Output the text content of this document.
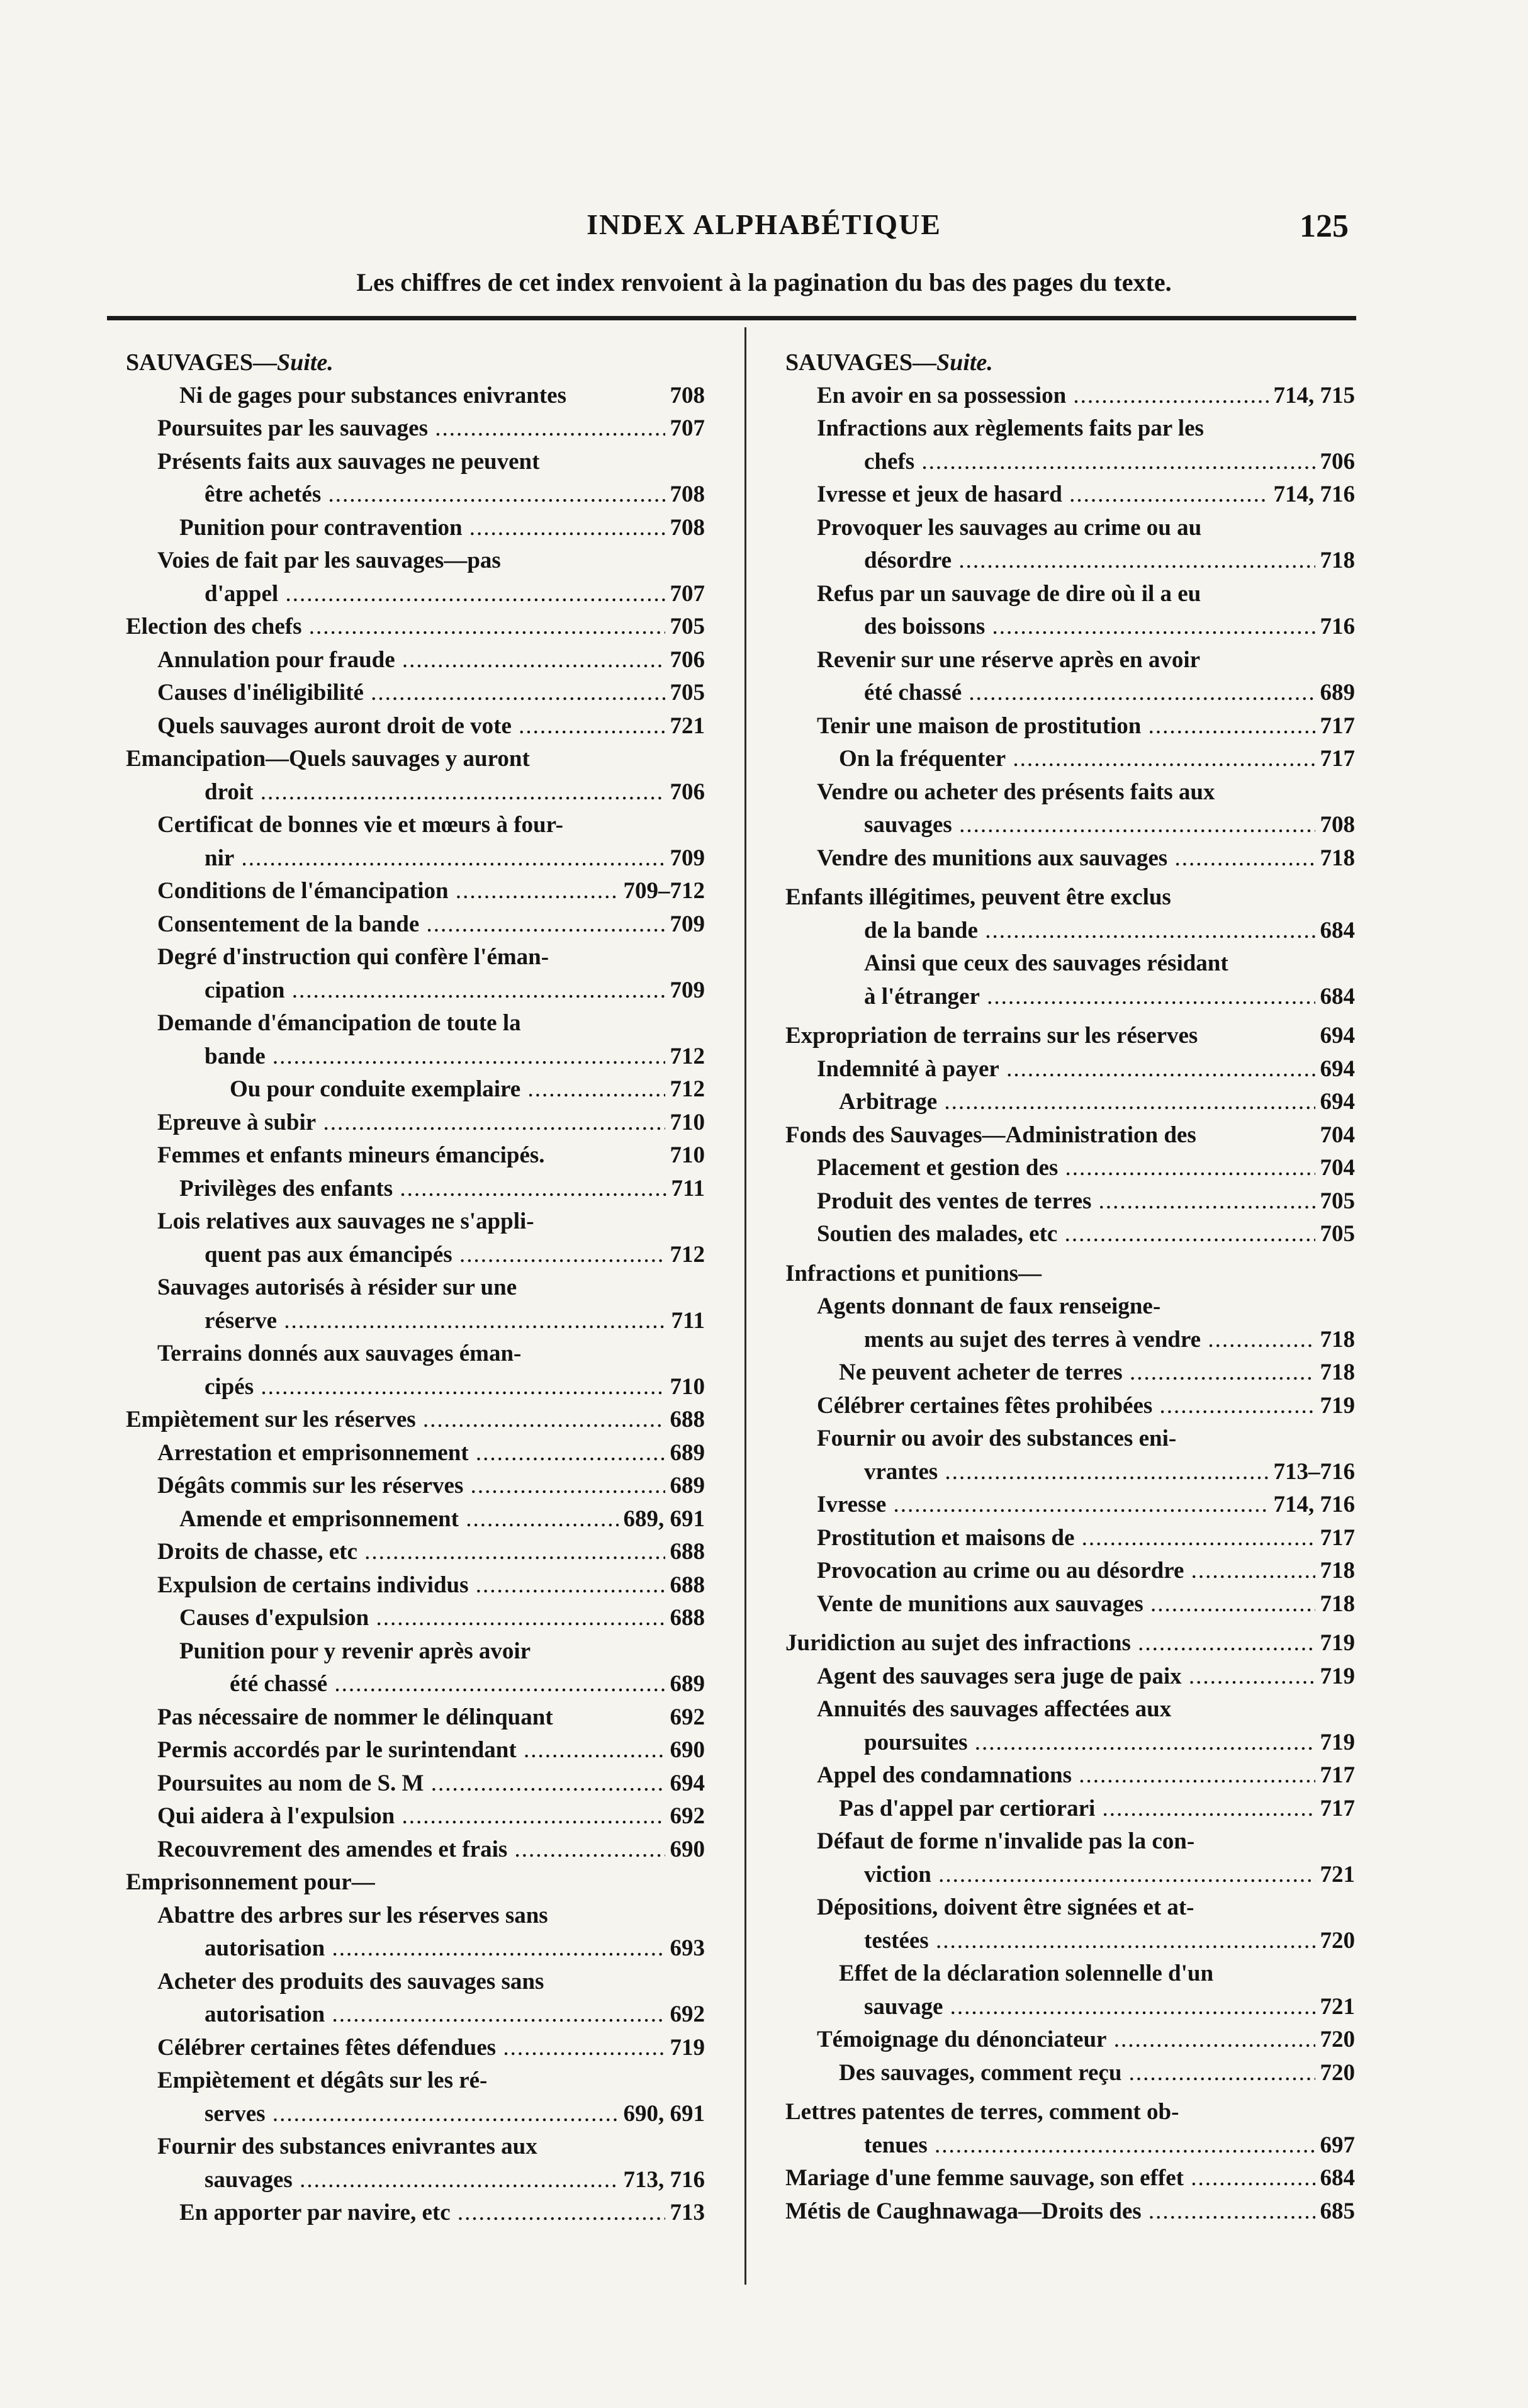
INDEX ALPHABÉTIQUE	125
Les chiffres de cet index renvoient à la pagination du bas des pages du texte.
SAUVAGES—Suite.
Ni de gages pour substances enivrantes	708
Poursuites par les sauvages .....	707
Présents faits aux sauvages ne peuvent
être achetés .....	708
Punition pour contravention .....	708
Voies de fait par les sauvages—pas
d'appel .....	707
Election des chefs .....	705
Annulation pour fraude .....	706
Causes d'inéligibilité .....	705
Quels sauvages auront droit de vote .....	721
Emancipation—Quels sauvages y auront
droit .....	706
Certificat de bonnes vie et mœurs à four-
nir .....	709
Conditions de l'émancipation .....	709–712
Consentement de la bande .....	709
Degré d'instruction qui confère l'éman-
cipation .....	709
Demande d'émancipation de toute la
bande .....	712
Ou pour conduite exemplaire .....	712
Epreuve à subir .....	710
Femmes et enfants mineurs émancipés.	710
Privilèges des enfants .....	711
Lois relatives aux sauvages ne s'appli-
quent pas aux émancipés .....	712
Sauvages autorisés à résider sur une
réserve .....	711
Terrains donnés aux sauvages éman-
cipés .....	710
Empiètement sur les réserves .....	688
Arrestation et emprisonnement .....	689
Dégâts commis sur les réserves .....	689
Amende et emprisonnement .....	689, 691
Droits de chasse, etc .....	688
Expulsion de certains individus .....	688
Causes d'expulsion .....	688
Punition pour y revenir après avoir
été chassé .....	689
Pas nécessaire de nommer le délinquant	692
Permis accordés par le surintendant .....	690
Poursuites au nom de S. M .....	694
Qui aidera à l'expulsion .....	692
Recouvrement des amendes et frais .....	690
Emprisonnement pour—
Abattre des arbres sur les réserves sans
autorisation .....	693
Acheter des produits des sauvages sans
autorisation .....	692
Célébrer certaines fêtes défendues .....	719
Empiètement et dégâts sur les ré-
serves .....	690, 691
Fournir des substances enivrantes aux
sauvages .....	713, 716
En apporter par navire, etc .....	713
SAUVAGES—Suite.
En avoir en sa possession .....	714, 715
Infractions aux règlements faits par les
chefs .....	706
Ivresse et jeux de hasard .....	714, 716
Provoquer les sauvages au crime ou au
désordre .....	718
Refus par un sauvage de dire où il a eu
des boissons .....	716
Revenir sur une réserve après en avoir
été chassé .....	689
Tenir une maison de prostitution .....	717
On la fréquenter .....	717
Vendre ou acheter des présents faits aux
sauvages .....	708
Vendre des munitions aux sauvages .....	718
Enfants illégitimes, peuvent être exclus
de la bande .....	684
Ainsi que ceux des sauvages résidant
à l'étranger .....	684
Expropriation de terrains sur les réserves	694
Indemnité à payer .....	694
Arbitrage .....	694
Fonds des Sauvages—Administration des	704
Placement et gestion des .....	704
Produit des ventes de terres .....	705
Soutien des malades, etc .....	705
Infractions et punitions—
Agents donnant de faux renseigne-
ments au sujet des terres à vendre .....	718
Ne peuvent acheter de terres .....	718
Célébrer certaines fêtes prohibées .....	719
Fournir ou avoir des substances eni-
vrantes .....	713–716
Ivresse .....	714, 716
Prostitution et maisons de .....	717
Provocation au crime ou au désordre .....	718
Vente de munitions aux sauvages .....	718
Juridiction au sujet des infractions .....	719
Agent des sauvages sera juge de paix .....	719
Annuités des sauvages affectées aux
poursuites .....	719
Appel des condamnations .....	717
Pas d'appel par certiorari .....	717
Défaut de forme n'invalide pas la con-
viction .....	721
Dépositions, doivent être signées et at-
testées .....	720
Effet de la déclaration solennelle d'un
sauvage .....	721
Témoignage du dénonciateur .....	720
Des sauvages, comment reçu .....	720
Lettres patentes de terres, comment ob-
tenues .....	697
Mariage d'une femme sauvage, son effet .....	684
Métis de Caughnawaga—Droits des .....	685
